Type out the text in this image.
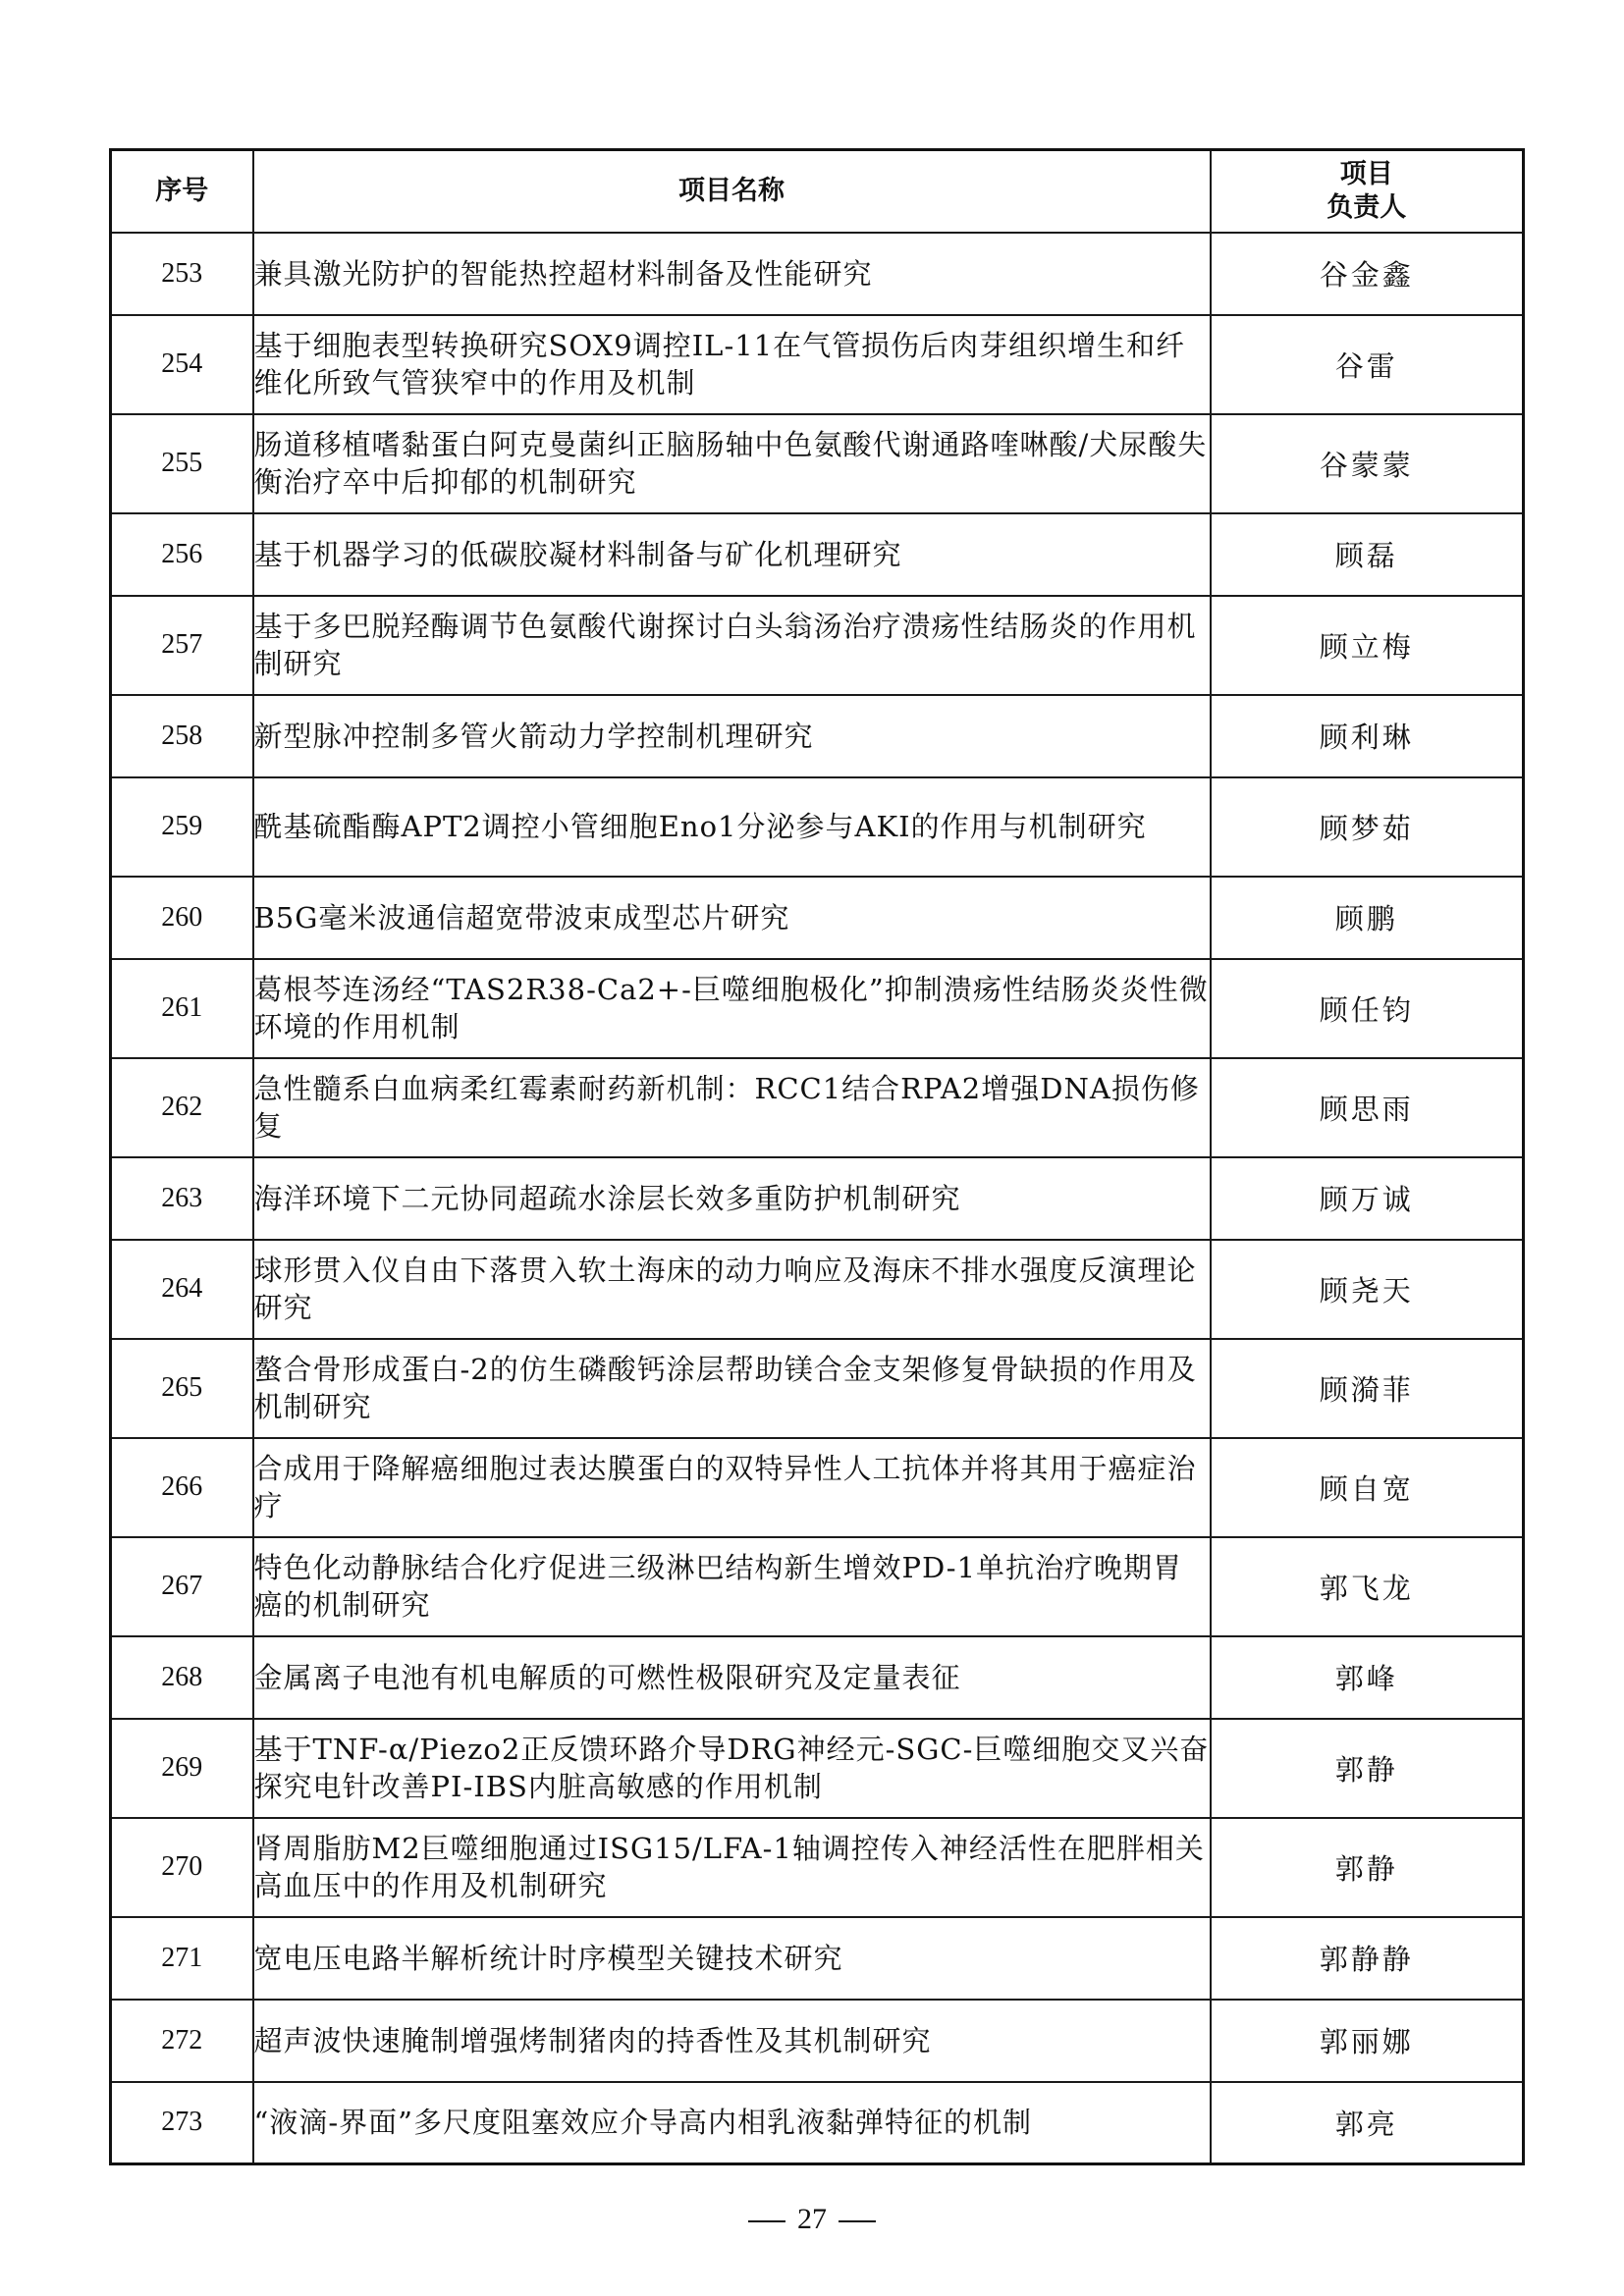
序号	项目名称	项目
负责人

253	兼具激光防护的智能热控超材料制备及性能研究	谷金鑫
254	基于细胞表型转换研究SOX9调控IL-11在气管损伤后肉芽组织增生和纤维化所致气管狭窄中的作用及机制	谷雷
255	肠道移植嗜黏蛋白阿克曼菌纠正脑肠轴中色氨酸代谢通路喹啉酸/犬尿酸失衡治疗卒中后抑郁的机制研究	谷蒙蒙
256	基于机器学习的低碳胶凝材料制备与矿化机理研究	顾磊
257	基于多巴脱羟酶调节色氨酸代谢探讨白头翁汤治疗溃疡性结肠炎的作用机制研究	顾立梅
258	新型脉冲控制多管火箭动力学控制机理研究	顾利琳
259	酰基硫酯酶APT2调控小管细胞Eno1分泌参与AKI的作用与机制研究	顾梦茹
260	B5G毫米波通信超宽带波束成型芯片研究	顾鹏
261	葛根芩连汤经“TAS2R38-Ca2+-巨噬细胞极化”抑制溃疡性结肠炎炎性微环境的作用机制	顾任钧
262	急性髓系白血病柔红霉素耐药新机制：RCC1结合RPA2增强DNA损伤修复	顾思雨
263	海洋环境下二元协同超疏水涂层长效多重防护机制研究	顾万诚
264	球形贯入仪自由下落贯入软土海床的动力响应及海床不排水强度反演理论研究	顾尧天
265	螯合骨形成蛋白-2的仿生磷酸钙涂层帮助镁合金支架修复骨缺损的作用及机制研究	顾漪菲
266	合成用于降解癌细胞过表达膜蛋白的双特异性人工抗体并将其用于癌症治疗	顾自宽
267	特色化动静脉结合化疗促进三级淋巴结构新生增效PD-1单抗治疗晚期胃癌的机制研究	郭飞龙
268	金属离子电池有机电解质的可燃性极限研究及定量表征	郭峰
269	基于TNF-α/Piezo2正反馈环路介导DRG神经元-SGC-巨噬细胞交叉兴奋探究电针改善PI-IBS内脏高敏感的作用机制	郭静
270	肾周脂肪M2巨噬细胞通过ISG15/LFA-1轴调控传入神经活性在肥胖相关高血压中的作用及机制研究	郭静
271	宽电压电路半解析统计时序模型关键技术研究	郭静静
272	超声波快速腌制增强烤制猪肉的持香性及其机制研究	郭丽娜
273	“液滴-界面”多尺度阻塞效应介导高内相乳液黏弹特征的机制	郭亮
27
